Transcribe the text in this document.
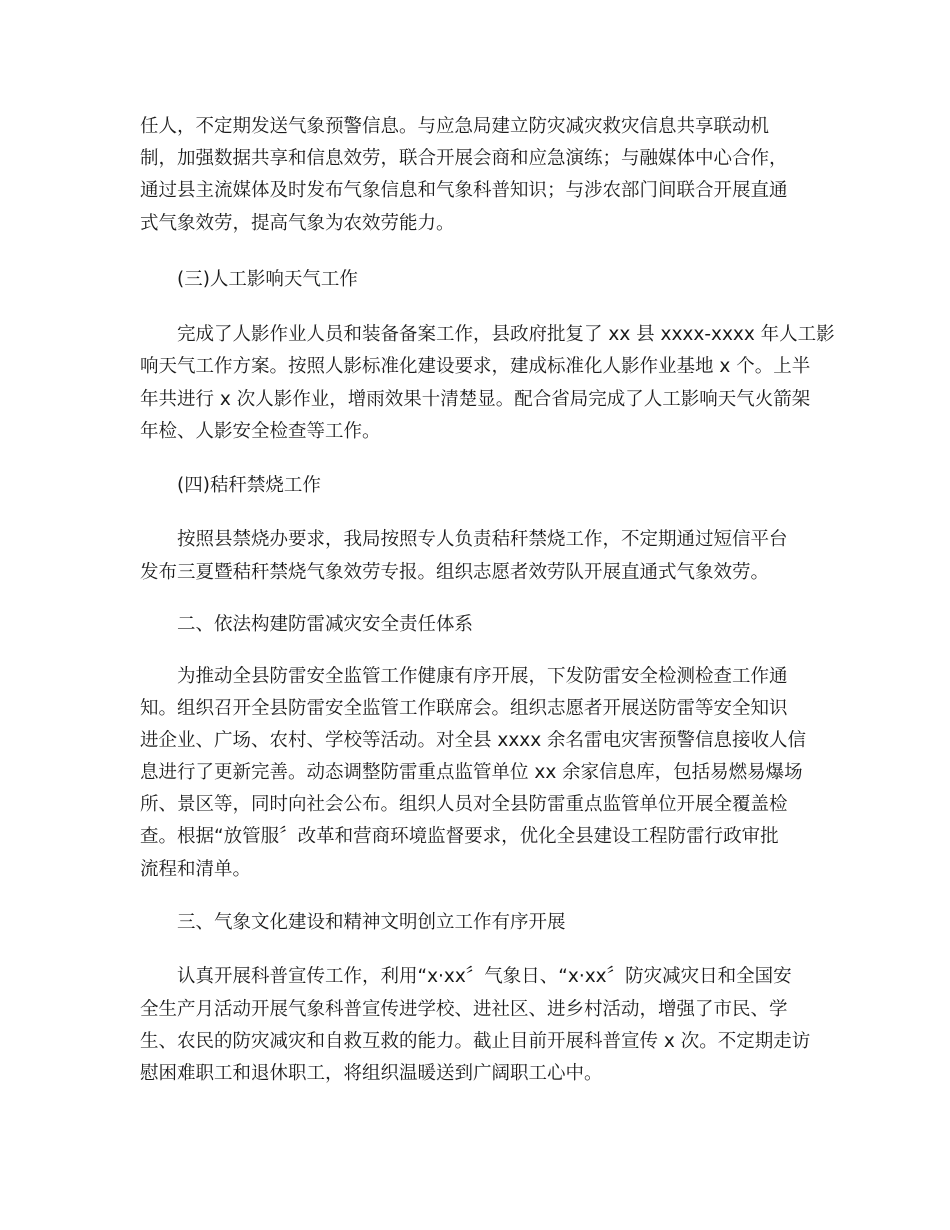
任人，不定期发送气象预警信息。与应急局建立防灾减灾救灾信息共享联动机
制，加强数据共享和信息效劳，联合开展会商和应急演练；与融媒体中心合作，
通过县主流媒体及时发布气象信息和气象科普知识；与涉农部门间联合开展直通
式气象效劳，提高气象为农效劳能力。
(三)人工影响天气工作
完成了人影作业人员和装备备案工作，县政府批复了 xx 县 xxxx-xxxx 年人工影
响天气工作方案。按照人影标准化建设要求，建成标准化人影作业基地 x 个。上半
年共进行 x 次人影作业，增雨效果十清楚显。配合省局完成了人工影响天气火箭架
年检、人影安全检查等工作。
(四)秸秆禁烧工作
按照县禁烧办要求，我局按照专人负责秸秆禁烧工作，不定期通过短信平台
发布三夏暨秸秆禁烧气象效劳专报。组织志愿者效劳队开展直通式气象效劳。
二、依法构建防雷减灾安全责任体系
为推动全县防雷安全监管工作健康有序开展，下发防雷安全检测检查工作通
知。组织召开全县防雷安全监管工作联席会。组织志愿者开展送防雷等安全知识
进企业、广场、农村、学校等活动。对全县 xxxx 余名雷电灾害预警信息接收人信
息进行了更新完善。动态调整防雷重点监管单位 xx 余家信息库，包括易燃易爆场
所、景区等，同时向社会公布。组织人员对全县防雷重点监管单位开展全覆盖检
查。根据“放管服〞改革和营商环境监督要求，优化全县建设工程防雷行政审批
流程和清单。
三、气象文化建设和精神文明创立工作有序开展
认真开展科普宣传工作，利用“x·xx〞气象日、“x·xx〞防灾减灾日和全国安
全生产月活动开展气象科普宣传进学校、进社区、进乡村活动，增强了市民、学
生、农民的防灾减灾和自救互救的能力。截止目前开展科普宣传 x 次。不定期走访
慰困难职工和退休职工，将组织温暖送到广阔职工心中。
